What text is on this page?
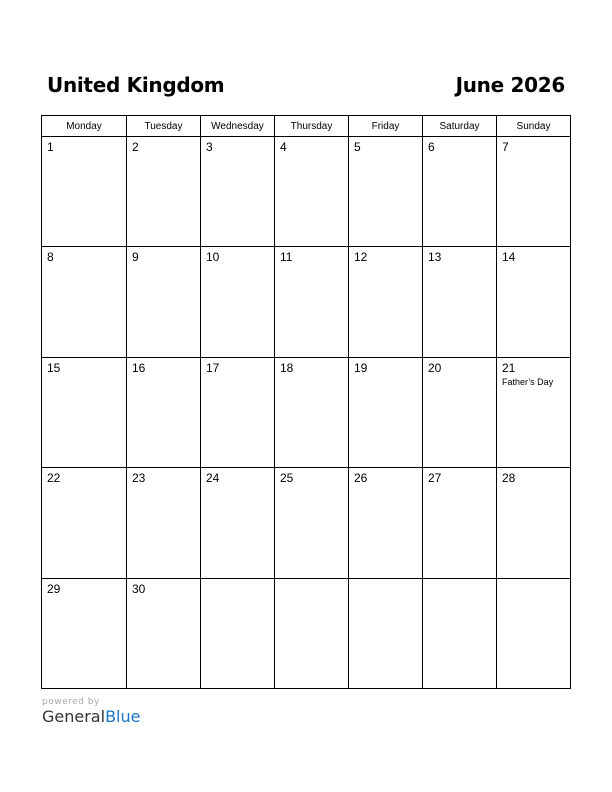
United Kingdom	June 2026
Monday	Tuesday	Wednesday	Thursday	Friday	Saturday	Sunday

1	2	3	4	5	6	7

8	9	10	11	12	13	14

15	16	17	18	19	20	21
Father’s Day

22	23	24	25	26	27	28

29	30					

powered by
GeneralBlue
